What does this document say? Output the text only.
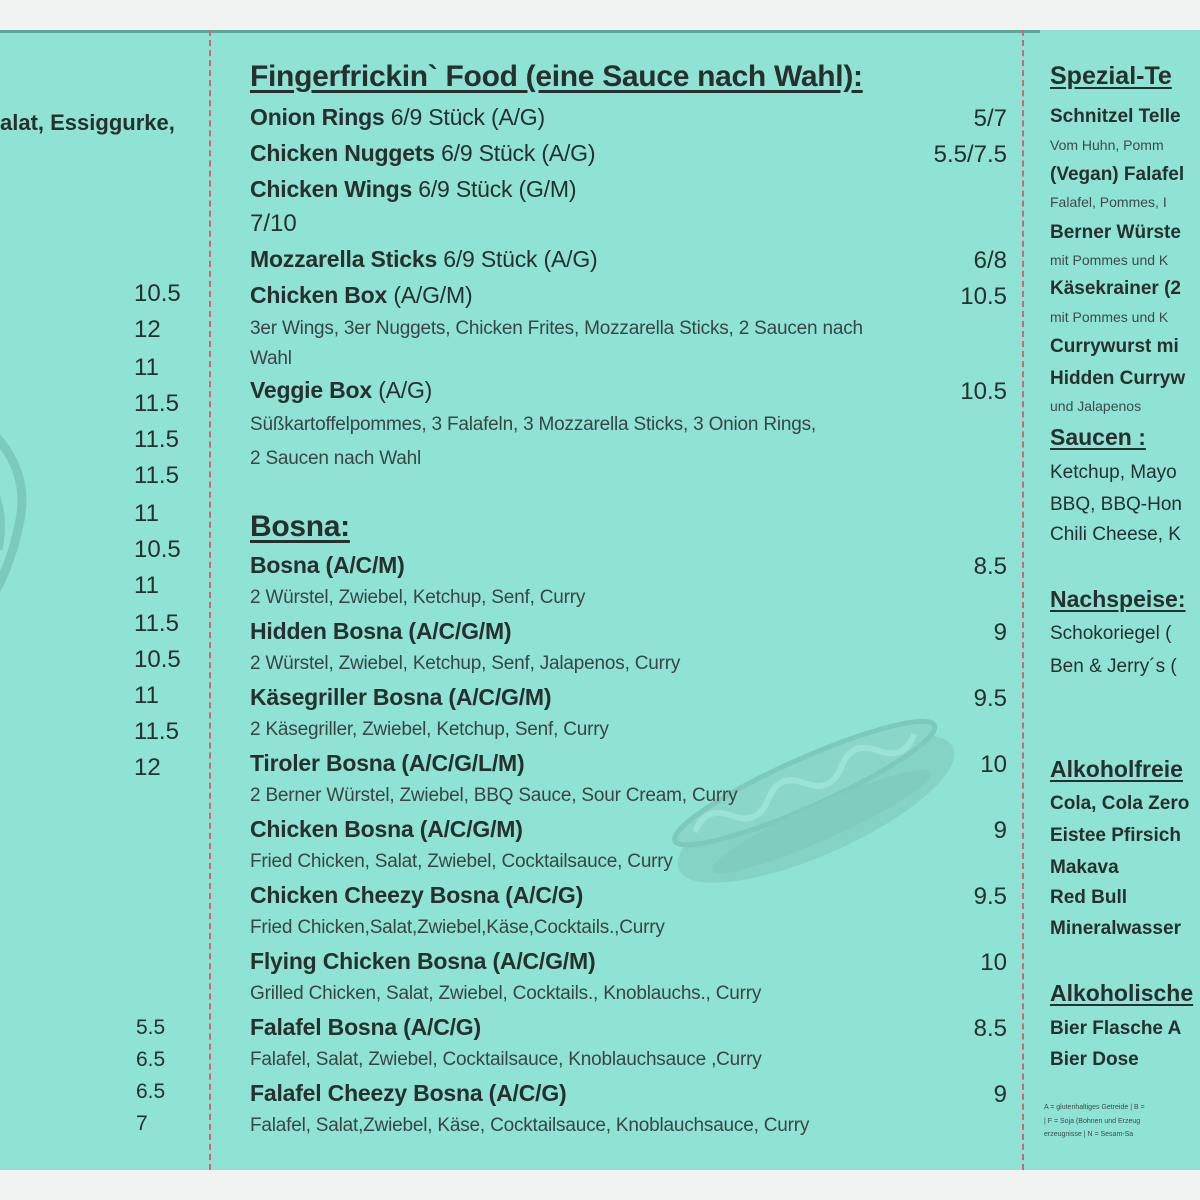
alat, Essiggurke,
10.5
12
11
11.5
11.5
11.5
11
10.5
11
11.5
10.5
11
11.5
12
5.5
6.5
6.5
7
Fingerfrickin` Food (eine Sauce nach Wahl):
Onion Rings 6/9 Stück (A/G)	5/7
Chicken Nuggets 6/9 Stück (A/G)	5.5/7.5
Chicken Wings 6/9 Stück (G/M)
7/10
Mozzarella Sticks 6/9 Stück (A/G)	6/8
Chicken Box (A/G/M)	10.5
3er Wings, 3er Nuggets, Chicken Frites, Mozzarella Sticks, 2 Saucen nach
Wahl
Veggie Box (A/G)	10.5
Süßkartoffelpommes, 3 Falafeln, 3 Mozzarella Sticks, 3 Onion Rings,
2 Saucen nach Wahl
Bosna:
Bosna (A/C/M)	8.5
2 Würstel, Zwiebel, Ketchup, Senf, Curry
Hidden Bosna (A/C/G/M)	9
2 Würstel, Zwiebel, Ketchup, Senf, Jalapenos, Curry
Käsegriller Bosna (A/C/G/M)	9.5
2 Käsegriller, Zwiebel, Ketchup, Senf, Curry
Tiroler Bosna (A/C/G/L/M)	10
2 Berner Würstel, Zwiebel, BBQ Sauce, Sour Cream, Curry
Chicken Bosna (A/C/G/M)	9
Fried Chicken, Salat, Zwiebel, Cocktailsauce, Curry
Chicken Cheezy Bosna (A/C/G)	9.5
Fried Chicken,Salat,Zwiebel,Käse,Cocktails.,Curry
Flying Chicken Bosna (A/C/G/M)	10
Grilled Chicken, Salat, Zwiebel, Cocktails., Knoblauchs., Curry
Falafel Bosna (A/C/G)	8.5
Falafel, Salat, Zwiebel, Cocktailsauce, Knoblauchsauce ,Curry
Falafel Cheezy Bosna (A/C/G)	9
Falafel, Salat,Zwiebel, Käse, Cocktailsauce, Knoblauchsauce, Curry
Spezial-Te
Schnitzel Telle
Vom Huhn, Pomm
(Vegan) Falafel
Falafel, Pommes, I
Berner Würste
mit Pommes und K
Käsekrainer (2
mit Pommes und K
Currywurst mi
Hidden Curryw
und Jalapenos
Saucen :
Ketchup, Mayo
BBQ, BBQ-Hon
Chili Cheese, K
Nachspeise:
Schokoriegel (
Ben & Jerry´s (
Alkoholfreie
Cola, Cola Zero
Eistee Pfirsich
Makava
Red Bull
Mineralwasser
Alkoholische
Bier Flasche A
Bier Dose
A = glutenhaltiges Getreide | B =
| F = Soja (Bohnen und Erzeug
erzeugnisse | N = Sesam-Sa
